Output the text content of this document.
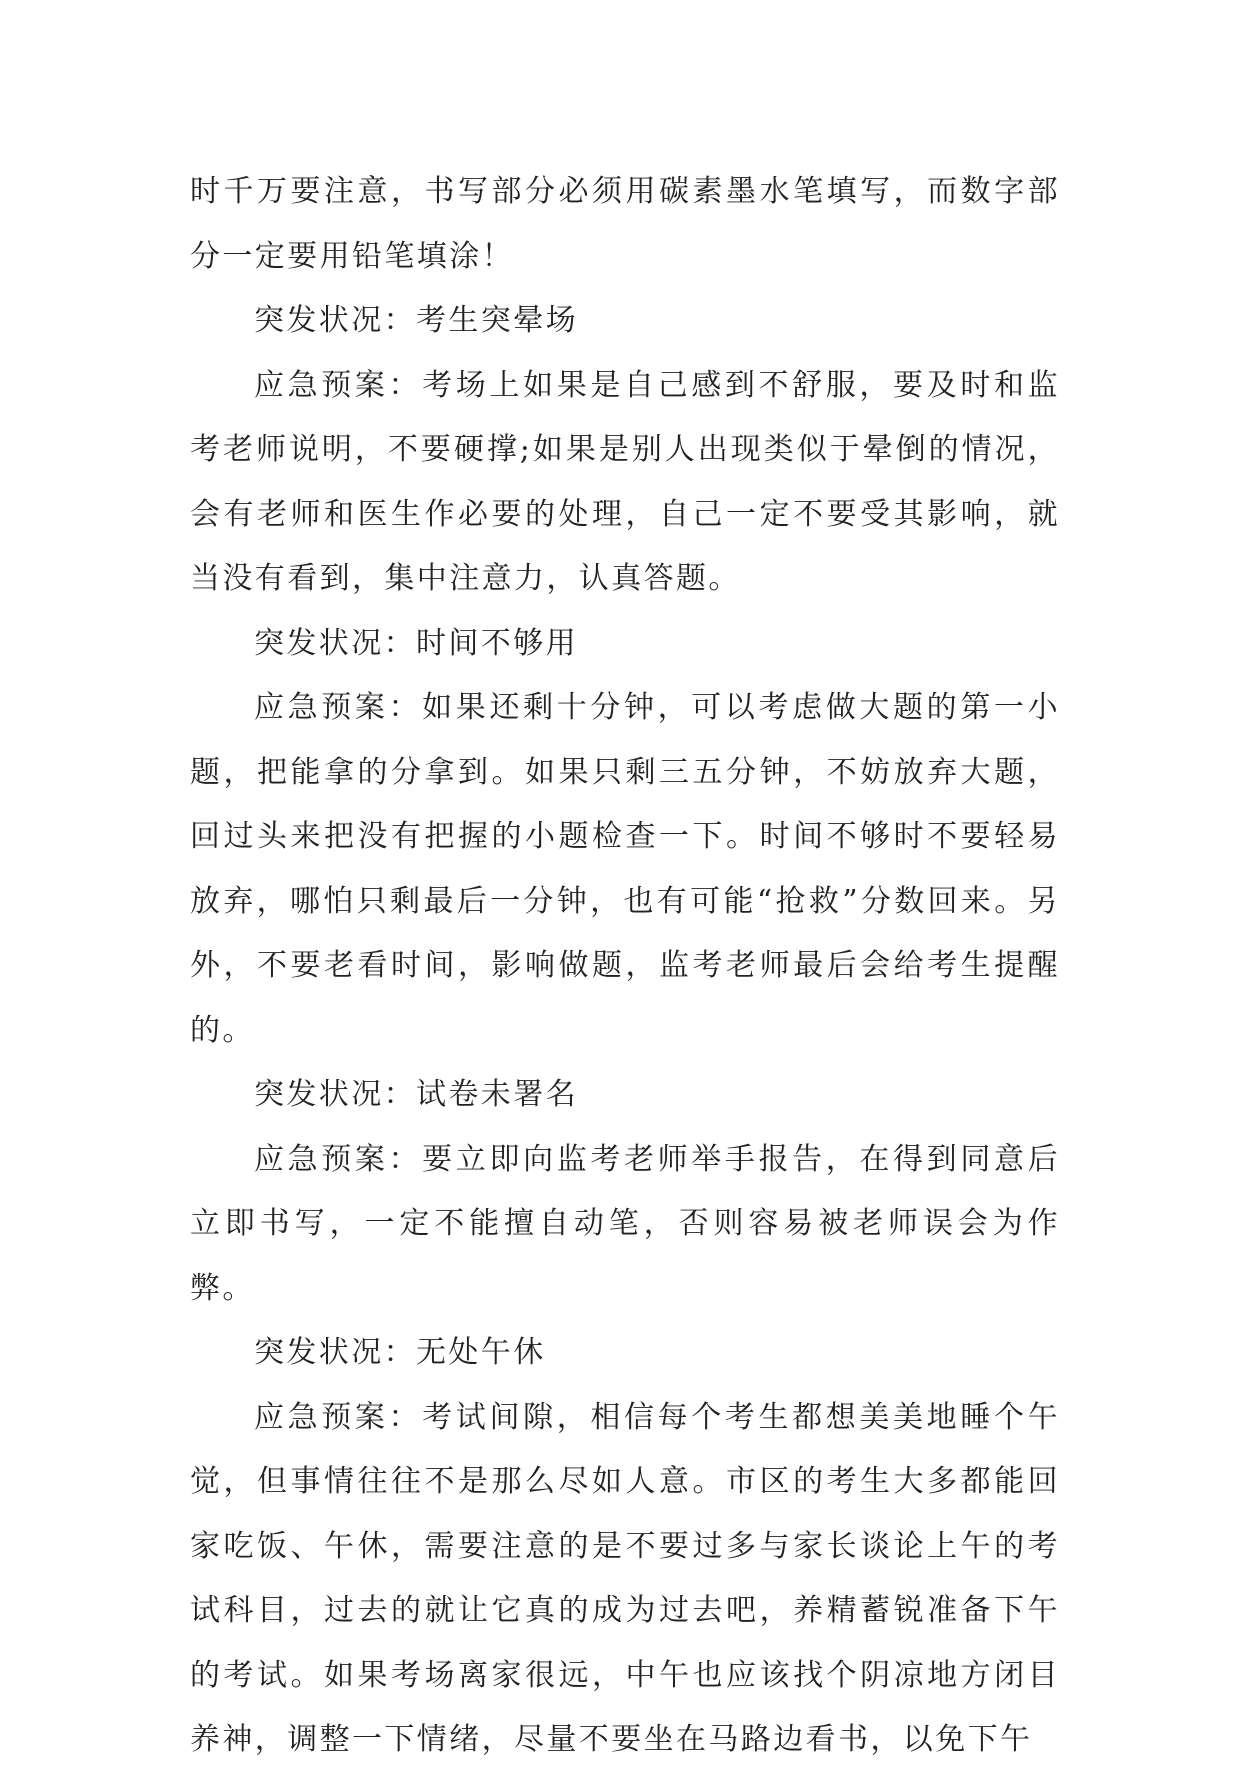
时千万要注意，书写部分必须用碳素墨水笔填写，而数字部分一定要用铅笔填涂！

突发状况：考生突晕场

应急预案：考场上如果是自己感到不舒服，要及时和监考老师说明，不要硬撑;如果是别人出现类似于晕倒的情况，会有老师和医生作必要的处理，自己一定不要受其影响，就当没有看到，集中注意力，认真答题。

突发状况：时间不够用

应急预案：如果还剩十分钟，可以考虑做大题的第一小题，把能拿的分拿到。如果只剩三五分钟，不妨放弃大题，回过头来把没有把握的小题检查一下。时间不够时不要轻易放弃，哪怕只剩最后一分钟，也有可能“抢救”分数回来。另外，不要老看时间，影响做题，监考老师最后会给考生提醒的。

突发状况：试卷未署名

应急预案：要立即向监考老师举手报告，在得到同意后立即书写，一定不能擅自动笔，否则容易被老师误会为作弊。

突发状况：无处午休

应急预案：考试间隙，相信每个考生都想美美地睡个午觉，但事情往往不是那么尽如人意。市区的考生大多都能回家吃饭、午休，需要注意的是不要过多与家长谈论上午的考试科目，过去的就让它真的成为过去吧，养精蓄锐准备下午的考试。如果考场离家很远，中午也应该找个阴凉地方闭目养神，调整一下情绪，尽量不要坐在马路边看书，以免下午
